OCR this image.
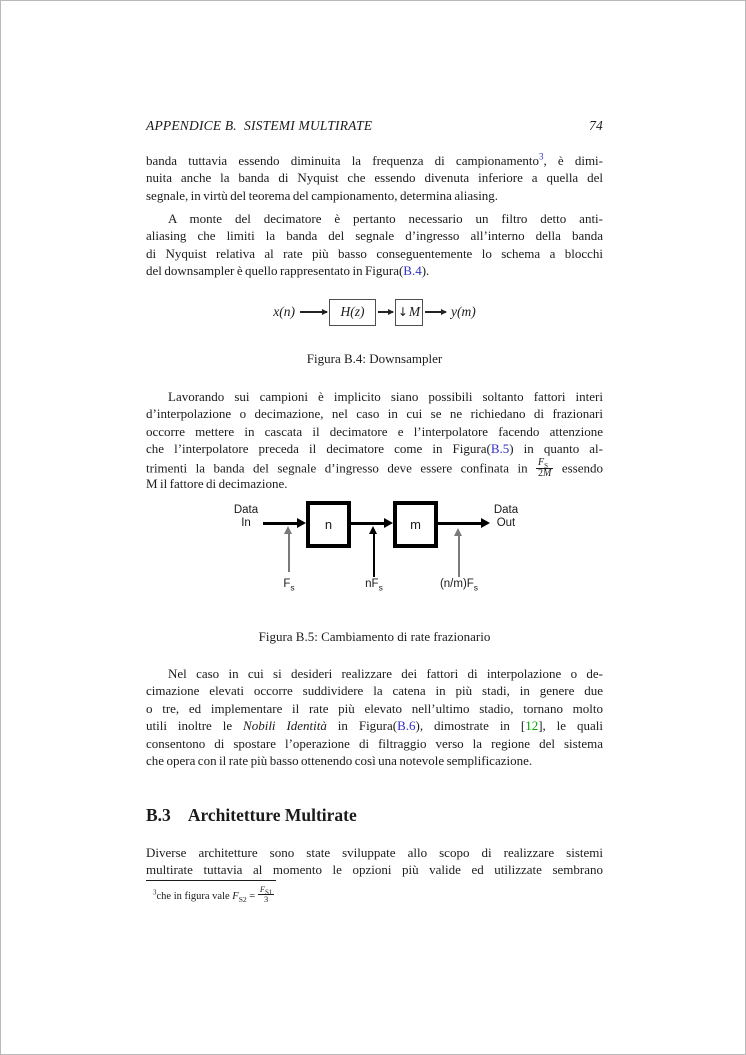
APPENDICE B.  SISTEMI MULTIRATE	74
banda tuttavia essendo diminuita la frequenza di campionamento$^3$, è dimi-
nuita anche la banda di Nyquist che essendo divenuta inferiore a quella del
segnale, in virtù del teorema del campionamento, determina aliasing.
A monte del decimatore è pertanto necessario un filtro detto anti-
aliasing che limiti la banda del segnale d’ingresso all’interno della banda
di Nyquist relativa al rate più basso conseguentemente lo schema a blocchi
del downsampler è quello rappresentato in Figura(B.4).
x(n)	H(z)	↓ M y(m)
Figura B.4: Downsampler
Lavorando sui campioni è implicito siano possibili soltanto fattori interi
d’interpolazione o decimazione, nel caso in cui se ne richiedano di frazionari
occorre mettere in cascata il decimatore e l’interpolatore facendo attenzione
che l’interpolatore preceda il decimatore come in Figura(B.5) in quanto al-
trimenti la banda del segnale d’ingresso deve essere confinata in $\frac{F_S}{2M}$ essendo
M il fattore di decimazione.
Data
In	n	m
Data
Out
$F_s$	$nF_s$	$(n/m)F_s$
Figura B.5: Cambiamento di rate frazionario
Nel caso in cui si desideri realizzare dei fattori di interpolazione o de-
cimazione elevati occorre suddividere la catena in più stadi, in genere due
o tre, ed implementare il rate più elevato nell’ultimo stadio, tornano molto
utili inoltre le Nobili Identità in Figura(B.6), dimostrate in [12], le quali
consentono di spostare l’operazione di filtraggio verso la regione del sistema
che opera con il rate più basso ottenendo così una notevole semplificazione.
B.3 Architetture Multirate
Diverse architetture sono state sviluppate allo scopo di realizzare sistemi
multirate tuttavia al momento le opzioni più valide ed utilizzate sembrano
$^3$che in figura vale $F_{S2} = \frac{F_{S1}}{3}$
